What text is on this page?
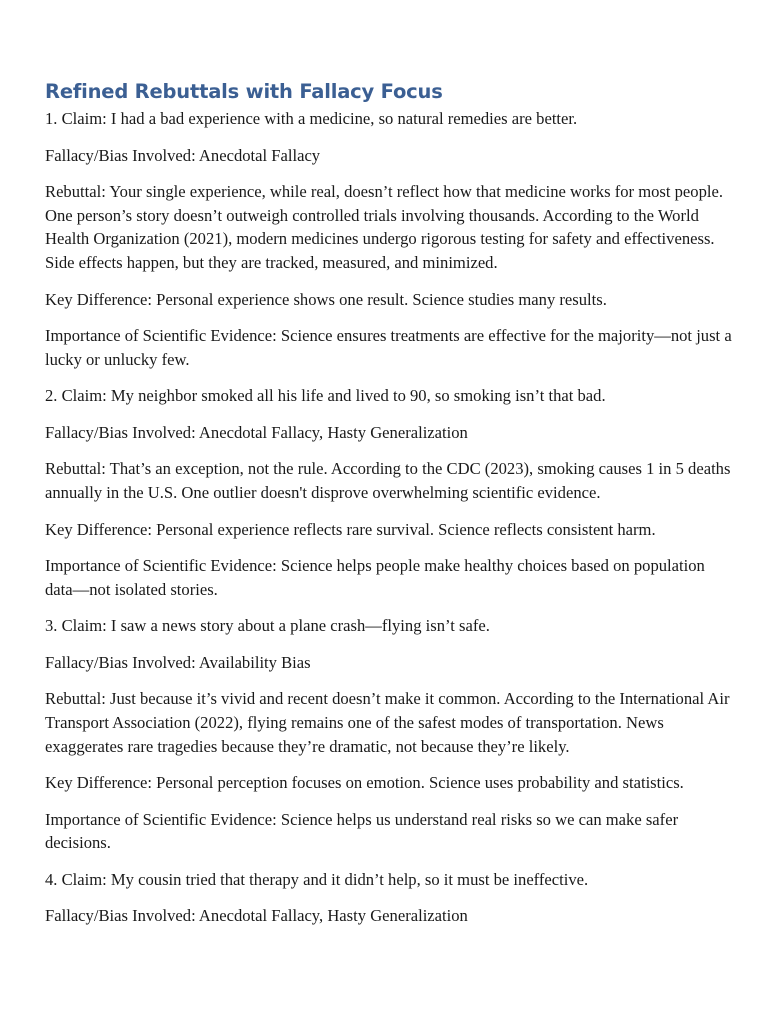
Refined Rebuttals with Fallacy Focus

1. Claim: I had a bad experience with a medicine, so natural remedies are better.

Fallacy/Bias Involved: Anecdotal Fallacy

Rebuttal: Your single experience, while real, doesn’t reflect how that medicine works for most people. One person’s story doesn’t outweigh controlled trials involving thousands. According to the World Health Organization (2021), modern medicines undergo rigorous testing for safety and effectiveness. Side effects happen, but they are tracked, measured, and minimized.

Key Difference: Personal experience shows one result. Science studies many results.

Importance of Scientific Evidence: Science ensures treatments are effective for the majority—not just a lucky or unlucky few.

2. Claim: My neighbor smoked all his life and lived to 90, so smoking isn’t that bad.

Fallacy/Bias Involved: Anecdotal Fallacy, Hasty Generalization

Rebuttal: That’s an exception, not the rule. According to the CDC (2023), smoking causes 1 in 5 deaths annually in the U.S. One outlier doesn't disprove overwhelming scientific evidence.

Key Difference: Personal experience reflects rare survival. Science reflects consistent harm.

Importance of Scientific Evidence: Science helps people make healthy choices based on population data—not isolated stories.

3. Claim: I saw a news story about a plane crash—flying isn’t safe.

Fallacy/Bias Involved: Availability Bias

Rebuttal: Just because it’s vivid and recent doesn’t make it common. According to the International Air Transport Association (2022), flying remains one of the safest modes of transportation. News exaggerates rare tragedies because they’re dramatic, not because they’re likely.

Key Difference: Personal perception focuses on emotion. Science uses probability and statistics.

Importance of Scientific Evidence: Science helps us understand real risks so we can make safer decisions.

4. Claim: My cousin tried that therapy and it didn’t help, so it must be ineffective.

Fallacy/Bias Involved: Anecdotal Fallacy, Hasty Generalization
